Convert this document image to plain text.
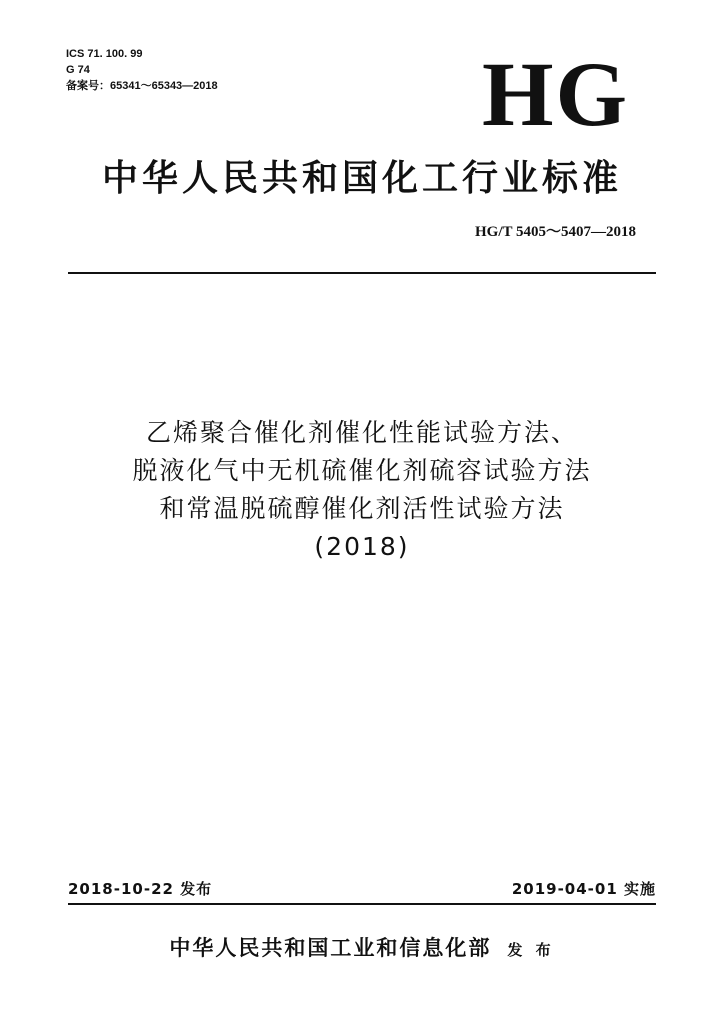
ICS 71. 100. 99
G 74
备案号：65341～65343—2018	HG
中华人民共和国化工行业标准
HG/T 5405～5407—2018
乙烯聚合催化剂催化性能试验方法、
脱液化气中无机硫催化剂硫容试验方法
和常温脱硫醇催化剂活性试验方法
(2018)
2018-10-22 发布	2019-04-01 实施
中华人民共和国工业和信息化部 发 布
